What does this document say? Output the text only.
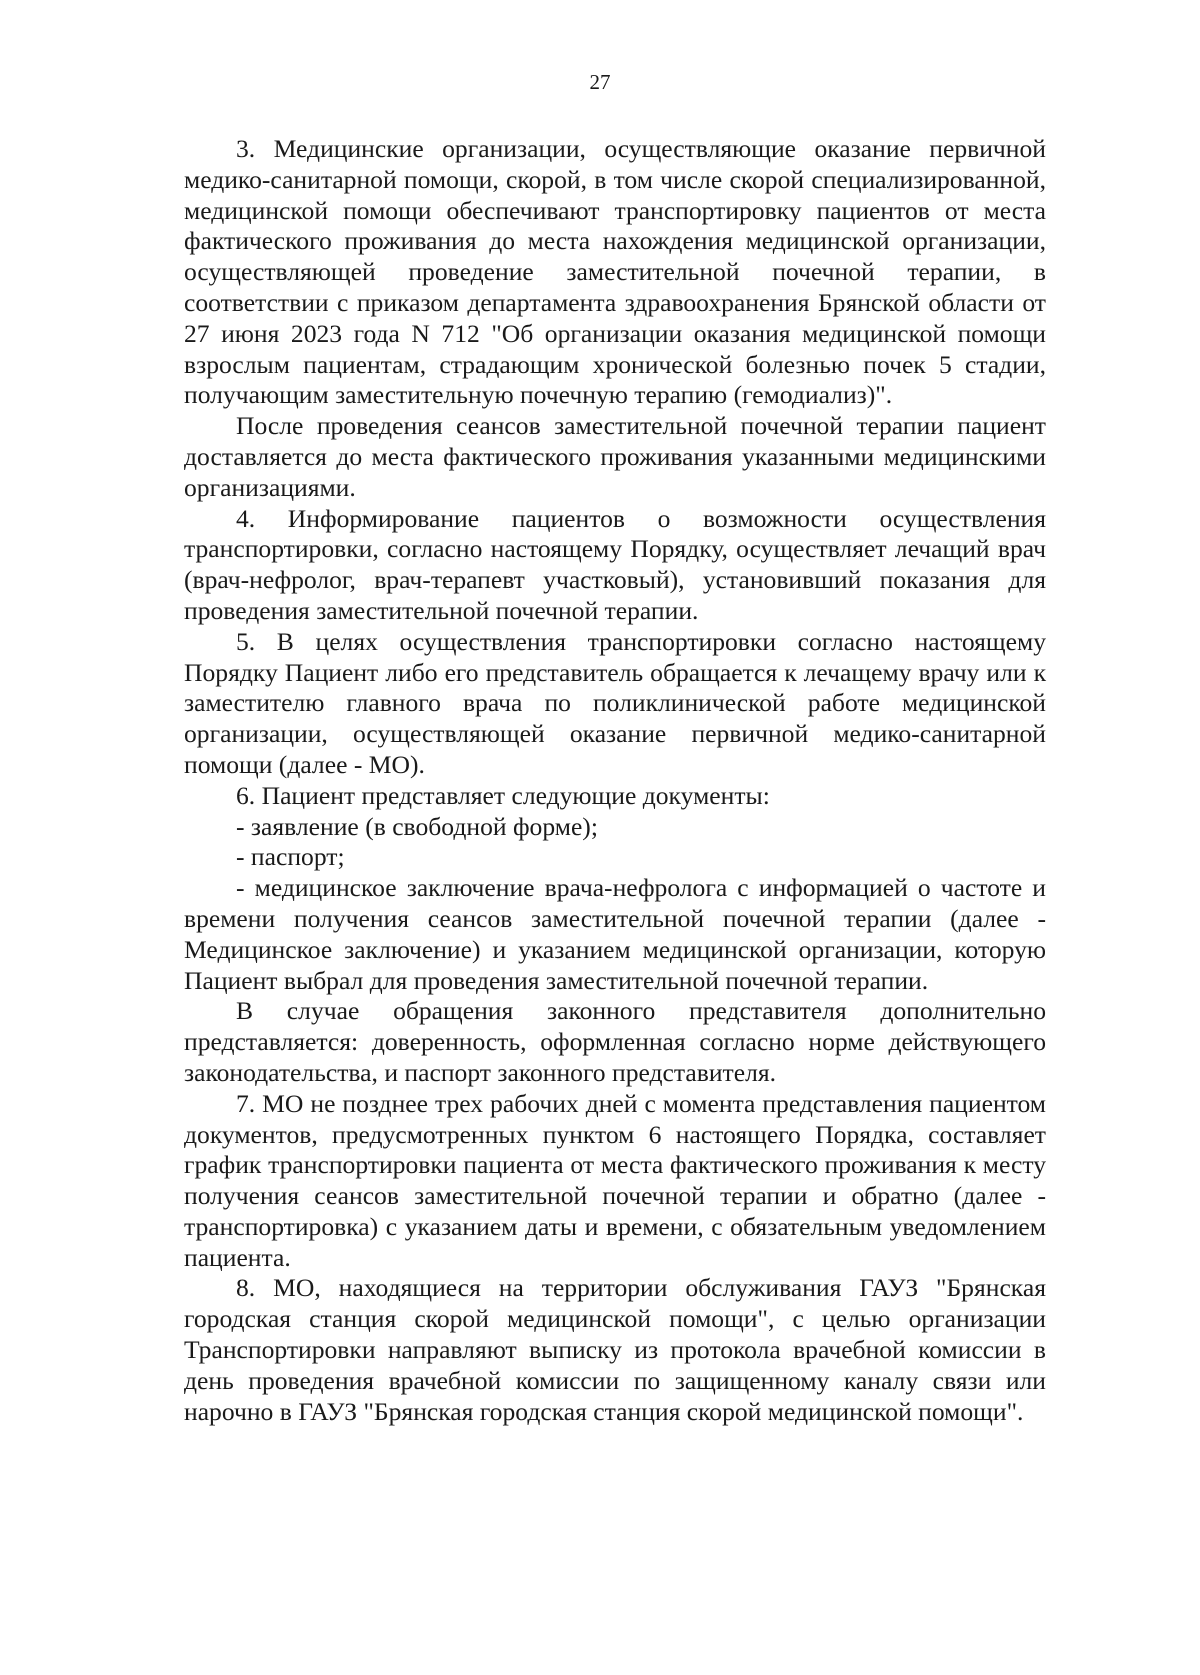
27

3. Медицинские организации, осуществляющие оказание первичной медико-санитарной помощи, скорой, в том числе скорой специализированной, медицинской помощи обеспечивают транспортировку пациентов от места фактического проживания до места нахождения медицинской организации, осуществляющей проведение заместительной почечной терапии, в соответствии с приказом департамента здравоохранения Брянской области от 27 июня 2023 года N 712 "Об организации оказания медицинской помощи взрослым пациентам, страдающим хронической болезнью почек 5 стадии, получающим заместительную почечную терапию (гемодиализ)".

После проведения сеансов заместительной почечной терапии пациент доставляется до места фактического проживания указанными медицинскими организациями.

4. Информирование пациентов о возможности осуществления транспортировки, согласно настоящему Порядку, осуществляет лечащий врач (врач-нефролог, врач-терапевт участковый), установивший показания для проведения заместительной почечной терапии.

5. В целях осуществления транспортировки согласно настоящему Порядку Пациент либо его представитель обращается к лечащему врачу или к заместителю главного врача по поликлинической работе медицинской организации, осуществляющей оказание первичной медико-санитарной помощи (далее - МО).

6. Пациент представляет следующие документы:

- заявление (в свободной форме);

- паспорт;

- медицинское заключение врача-нефролога с информацией о частоте и времени получения сеансов заместительной почечной терапии (далее - Медицинское заключение) и указанием медицинской организации, которую Пациент выбрал для проведения заместительной почечной терапии.

В случае обращения законного представителя дополнительно представляется: доверенность, оформленная согласно норме действующего законодательства, и паспорт законного представителя.

7. МО не позднее трех рабочих дней с момента представления пациентом документов, предусмотренных пунктом 6 настоящего Порядка, составляет график транспортировки пациента от места фактического проживания к месту получения сеансов заместительной почечной терапии и обратно (далее - транспортировка) с указанием даты и времени, с обязательным уведомлением пациента.

8. МО, находящиеся на территории обслуживания ГАУЗ "Брянская городская станция скорой медицинской помощи", с целью организации Транспортировки направляют выписку из протокола врачебной комиссии в день проведения врачебной комиссии по защищенному каналу связи или нарочно в ГАУЗ "Брянская городская станция скорой медицинской помощи".
